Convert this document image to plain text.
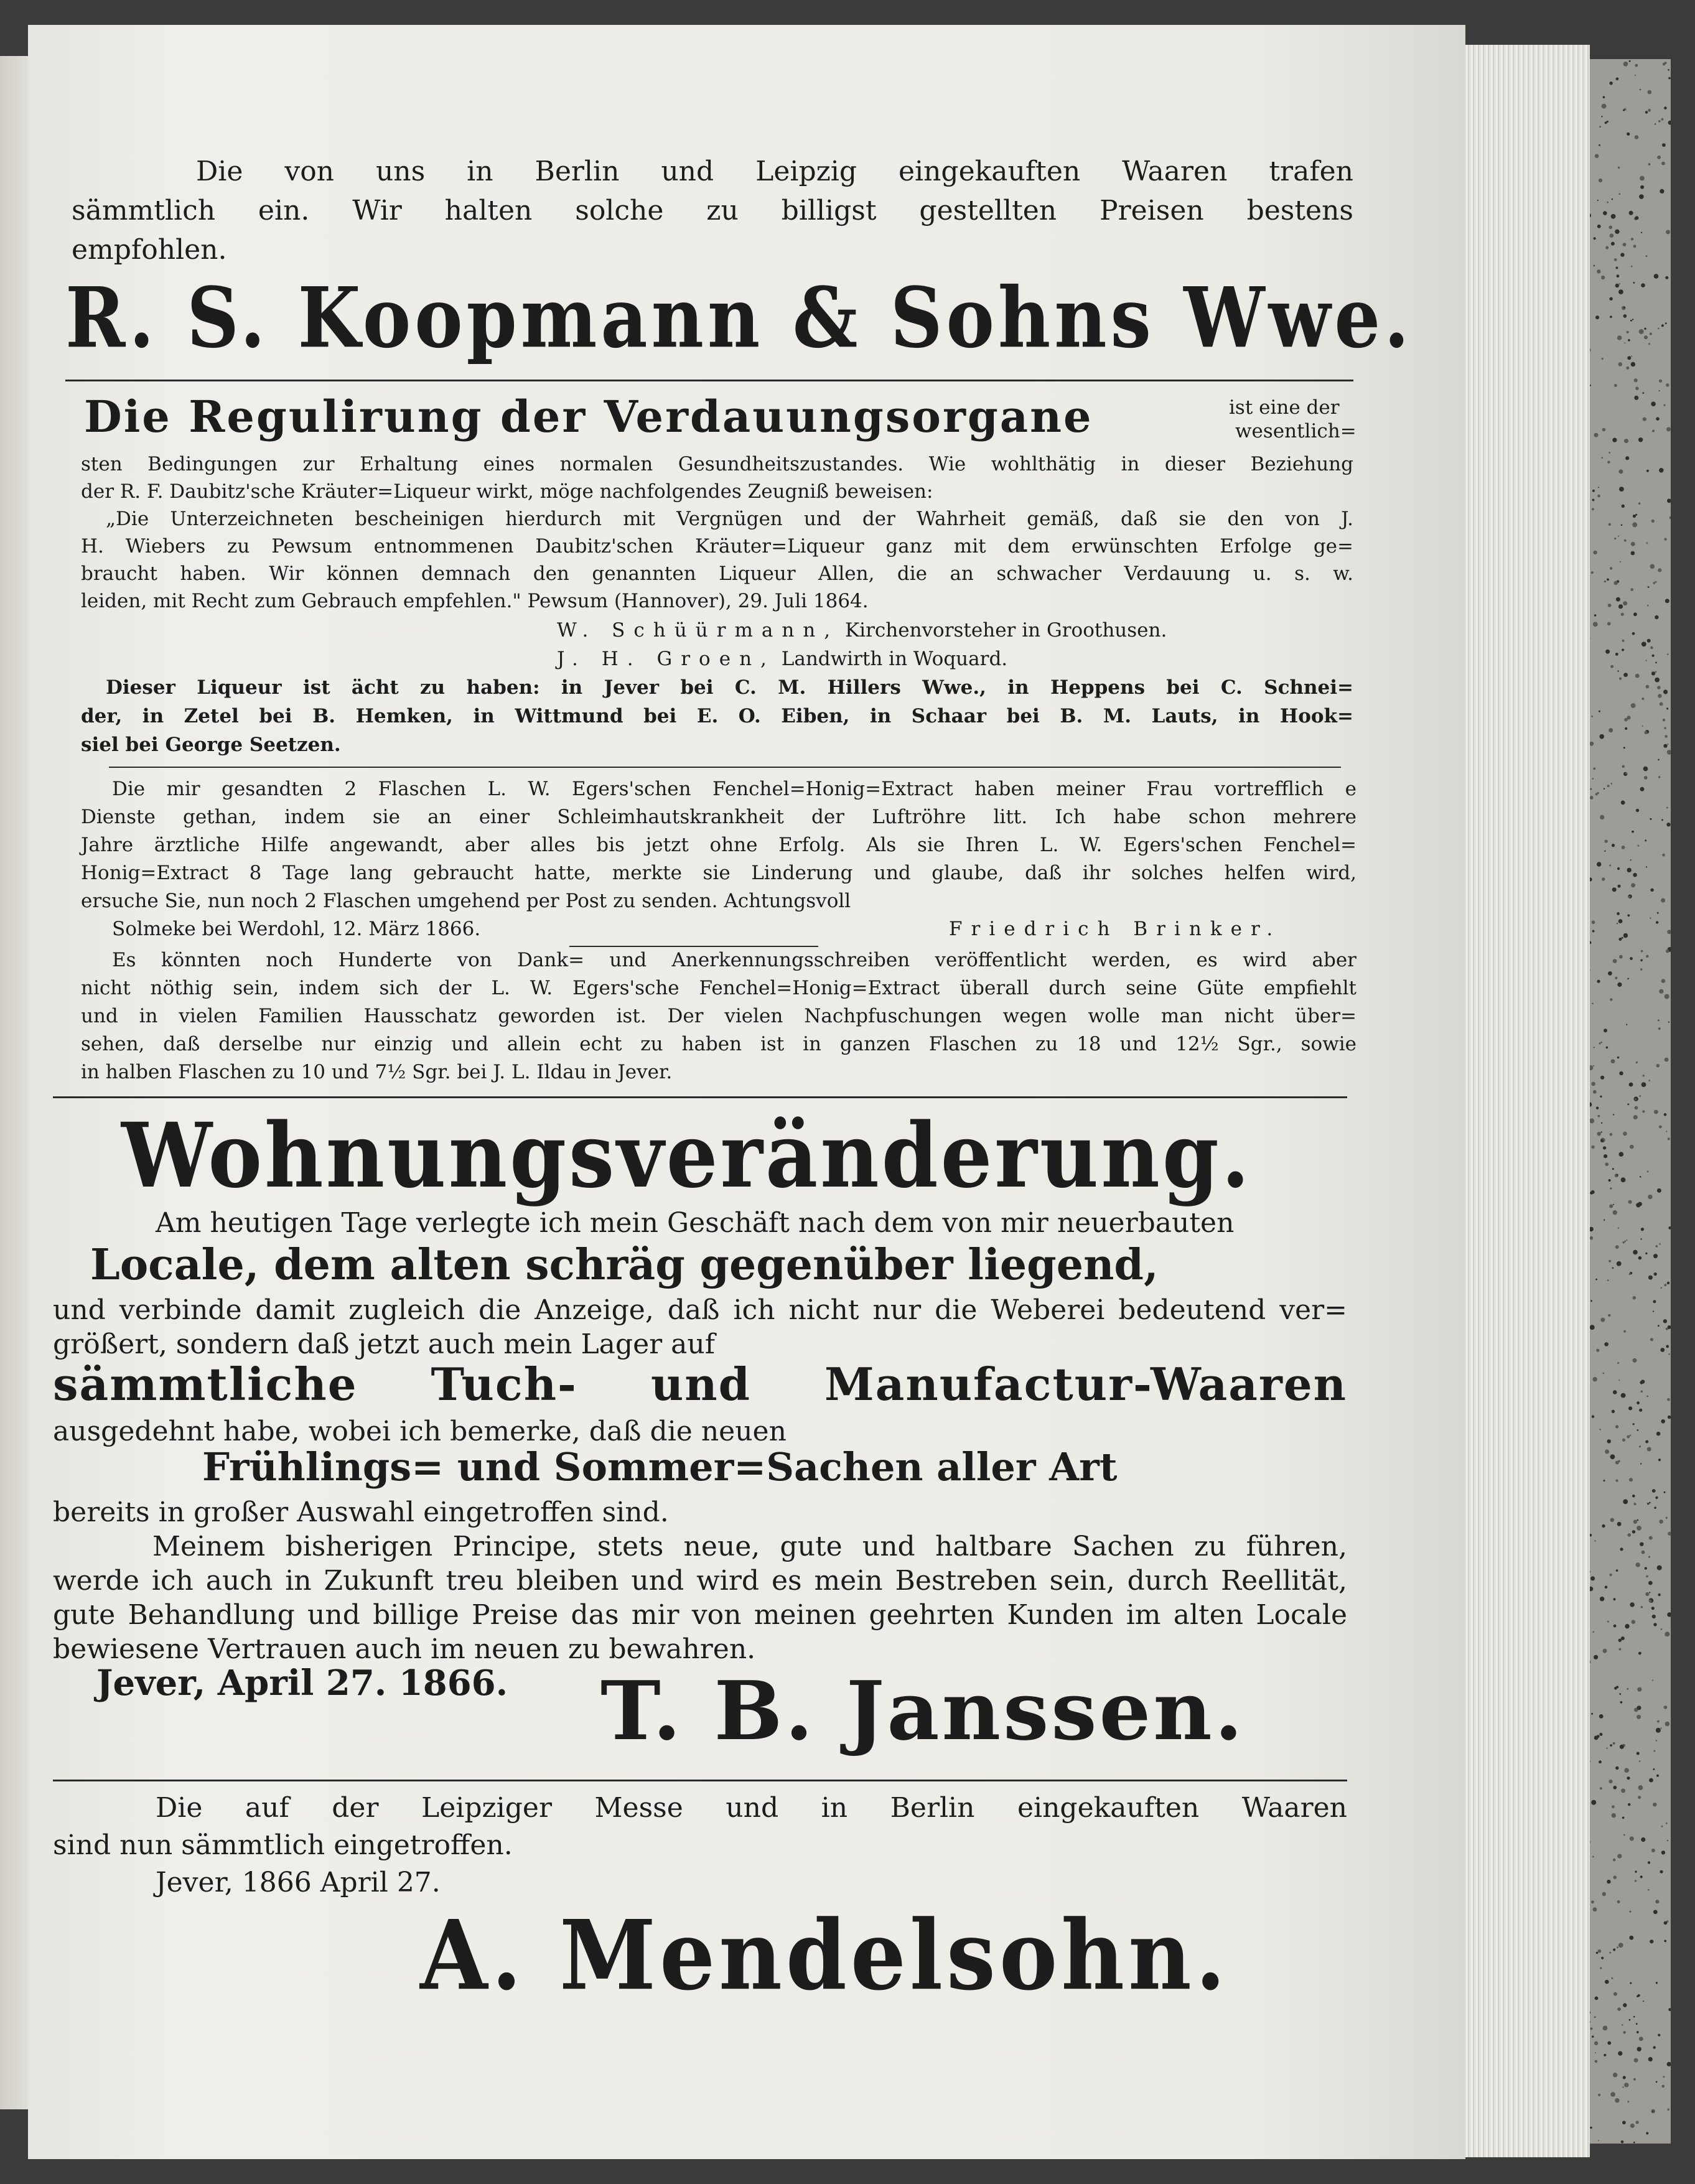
Die von uns in Berlin und Leipzig eingekauften Waaren trafen
sämmtlich ein. Wir halten solche zu billigst gestellten Preisen bestens
empfohlen.
R. S. Koopmann & Sohns Wwe.
Die Regulirung der Verdauungsorgane	ist eine der
wesentlich=
sten Bedingungen zur Erhaltung eines normalen Gesundheitszustandes. Wie wohlthätig in dieser Beziehung
der R. F. Daubitz'sche Kräuter=Liqueur wirkt, möge nachfolgendes Zeugniß beweisen:
„Die Unterzeichneten bescheinigen hierdurch mit Vergnügen und der Wahrheit gemäß, daß sie den von J.
H. Wiebers zu Pewsum entnommenen Daubitz'schen Kräuter=Liqueur ganz mit dem erwünschten Erfolge ge=
braucht haben. Wir können demnach den genannten Liqueur Allen, die an schwacher Verdauung u. s. w.
leiden, mit Recht zum Gebrauch empfehlen." Pewsum (Hannover), 29. Juli 1864.
W. Schüürmann, Kirchenvorsteher in Groothusen.
J. H. Groen, Landwirth in Woquard.
Dieser Liqueur ist ächt zu haben: in Jever bei C. M. Hillers Wwe., in Heppens bei C. Schnei=
der, in Zetel bei B. Hemken, in Wittmund bei E. O. Eiben, in Schaar bei B. M. Lauts, in Hook=
siel bei George Seetzen.
Die mir gesandten 2 Flaschen L. W. Egers'schen Fenchel=Honig=Extract haben meiner Frau vortrefflich e
Dienste gethan, indem sie an einer Schleimhautskrankheit der Luftröhre litt. Ich habe schon mehrere
Jahre ärztliche Hilfe angewandt, aber alles bis jetzt ohne Erfolg. Als sie Ihren L. W. Egers'schen Fenchel=
Honig=Extract 8 Tage lang gebraucht hatte, merkte sie Linderung und glaube, daß ihr solches helfen wird,
ersuche Sie, nun noch 2 Flaschen umgehend per Post zu senden. Achtungsvoll
Solmeke bei Werdohl, 12. März 1866.	Friedrich Brinker.
Es könnten noch Hunderte von Dank= und Anerkennungsschreiben veröffentlicht werden, es wird aber
nicht nöthig sein, indem sich der L. W. Egers'sche Fenchel=Honig=Extract überall durch seine Güte empfiehlt
und in vielen Familien Hausschatz geworden ist. Der vielen Nachpfuschungen wegen wolle man nicht über=
sehen, daß derselbe nur einzig und allein echt zu haben ist in ganzen Flaschen zu 18 und 12½ Sgr., sowie
in halben Flaschen zu 10 und 7½ Sgr. bei J. L. Ildau in Jever.
Wohnungsveränderung.
Am heutigen Tage verlegte ich mein Geschäft nach dem von mir neuerbauten
Locale, dem alten schräg gegenüber liegend,
und verbinde damit zugleich die Anzeige, daß ich nicht nur die Weberei bedeutend ver=
größert, sondern daß jetzt auch mein Lager auf
sämmtliche Tuch- und Manufactur-Waaren
ausgedehnt habe, wobei ich bemerke, daß die neuen
Frühlings= und Sommer=Sachen aller Art
bereits in großer Auswahl eingetroffen sind.
Meinem bisherigen Principe, stets neue, gute und haltbare Sachen zu führen,
werde ich auch in Zukunft treu bleiben und wird es mein Bestreben sein, durch Reellität,
gute Behandlung und billige Preise das mir von meinen geehrten Kunden im alten Locale
bewiesene Vertrauen auch im neuen zu bewahren.
Jever, April 27. 1866. T. B. Janssen.
Die auf der Leipziger Messe und in Berlin eingekauften Waaren
sind nun sämmtlich eingetroffen.
Jever, 1866 April 27.
A. Mendelsohn.
